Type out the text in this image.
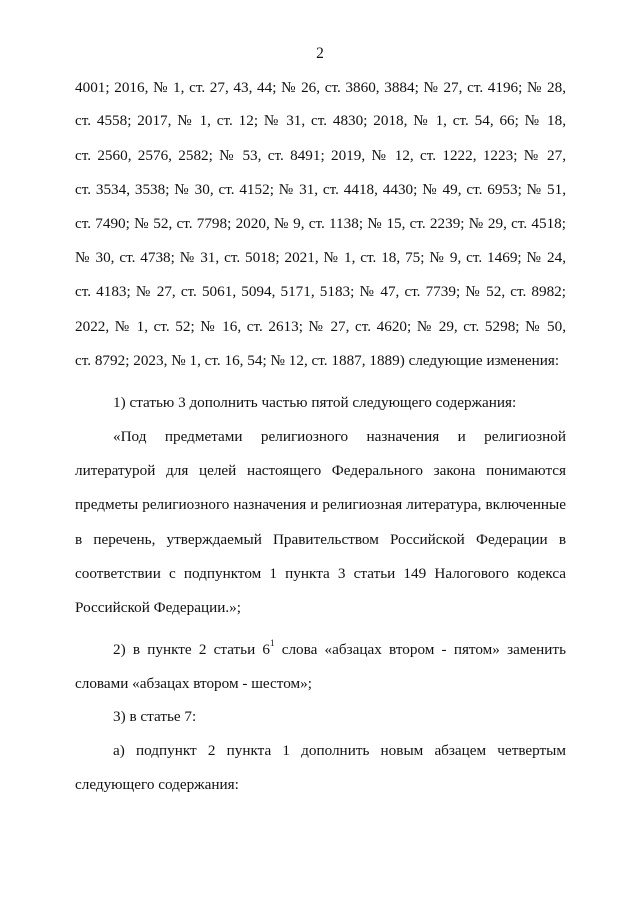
2
4001; 2016, № 1, ст. 27, 43, 44; № 26, ст. 3860, 3884; № 27, ст. 4196; № 28,
ст. 4558; 2017, № 1, ст. 12; № 31, ст. 4830; 2018, № 1, ст. 54, 66; № 18,
ст. 2560, 2576, 2582; № 53, ст. 8491; 2019, № 12, ст. 1222, 1223; № 27,
ст. 3534, 3538; № 30, ст. 4152; № 31, ст. 4418, 4430; № 49, ст. 6953; № 51,
ст. 7490; № 52, ст. 7798; 2020, № 9, ст. 1138; № 15, ст. 2239; № 29, ст. 4518;
№ 30, ст. 4738; № 31, ст. 5018; 2021, № 1, ст. 18, 75; № 9, ст. 1469; № 24,
ст. 4183; № 27, ст. 5061, 5094, 5171, 5183; № 47, ст. 7739; № 52, ст. 8982;
2022, № 1, ст. 52; № 16, ст. 2613; № 27, ст. 4620; № 29, ст. 5298; № 50,
ст. 8792; 2023, № 1, ст. 16, 54; № 12, ст. 1887, 1889) следующие изменения:
1) статью 3 дополнить частью пятой следующего содержания:
«Под предметами религиозного назначения и религиозной
литературой для целей настоящего Федерального закона понимаются
предметы религиозного назначения и религиозная литература, включенные
в перечень, утверждаемый Правительством Российской Федерации в
соответствии с подпунктом 1 пункта 3 статьи 149 Налогового кодекса
Российской Федерации.»;
2) в пункте 2 статьи $6^1$ слова «абзацах втором - пятом» заменить
словами «абзацах втором - шестом»;
3) в статье 7:
а) подпункт 2 пункта 1 дополнить новым абзацем четвертым
следующего содержания:
